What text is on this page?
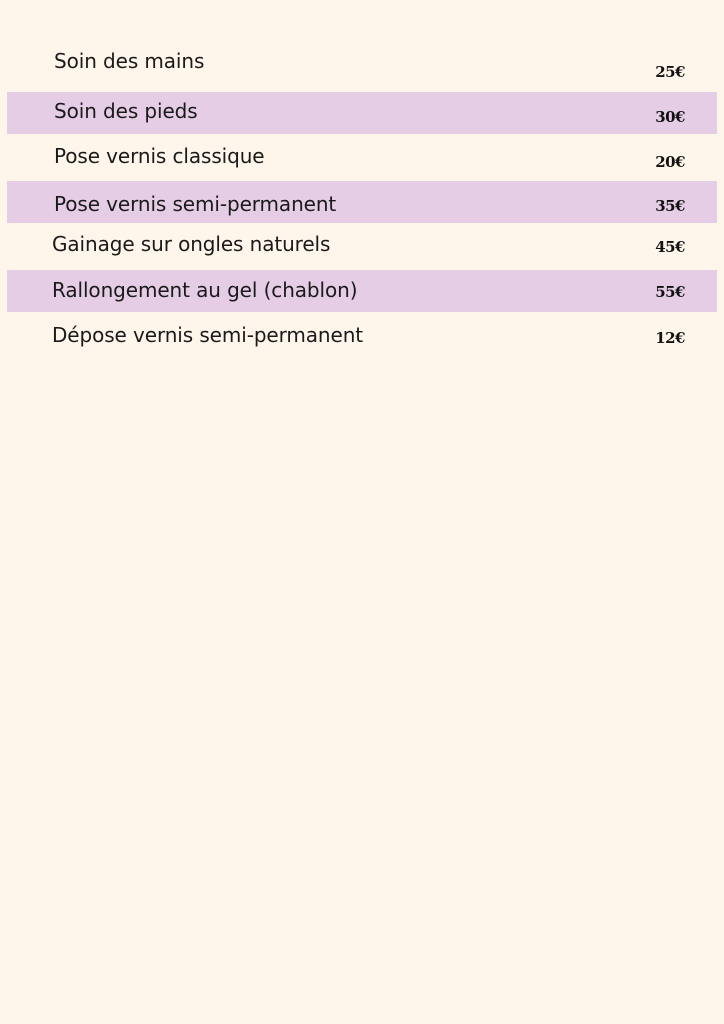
Soin des mains	25€
Soin des pieds	30€
Pose vernis classique	20€
Pose vernis semi-permanent	35€
Gainage sur ongles naturels	45€
Rallongement au gel (chablon)	55€
Dépose vernis semi-permanent	12€
